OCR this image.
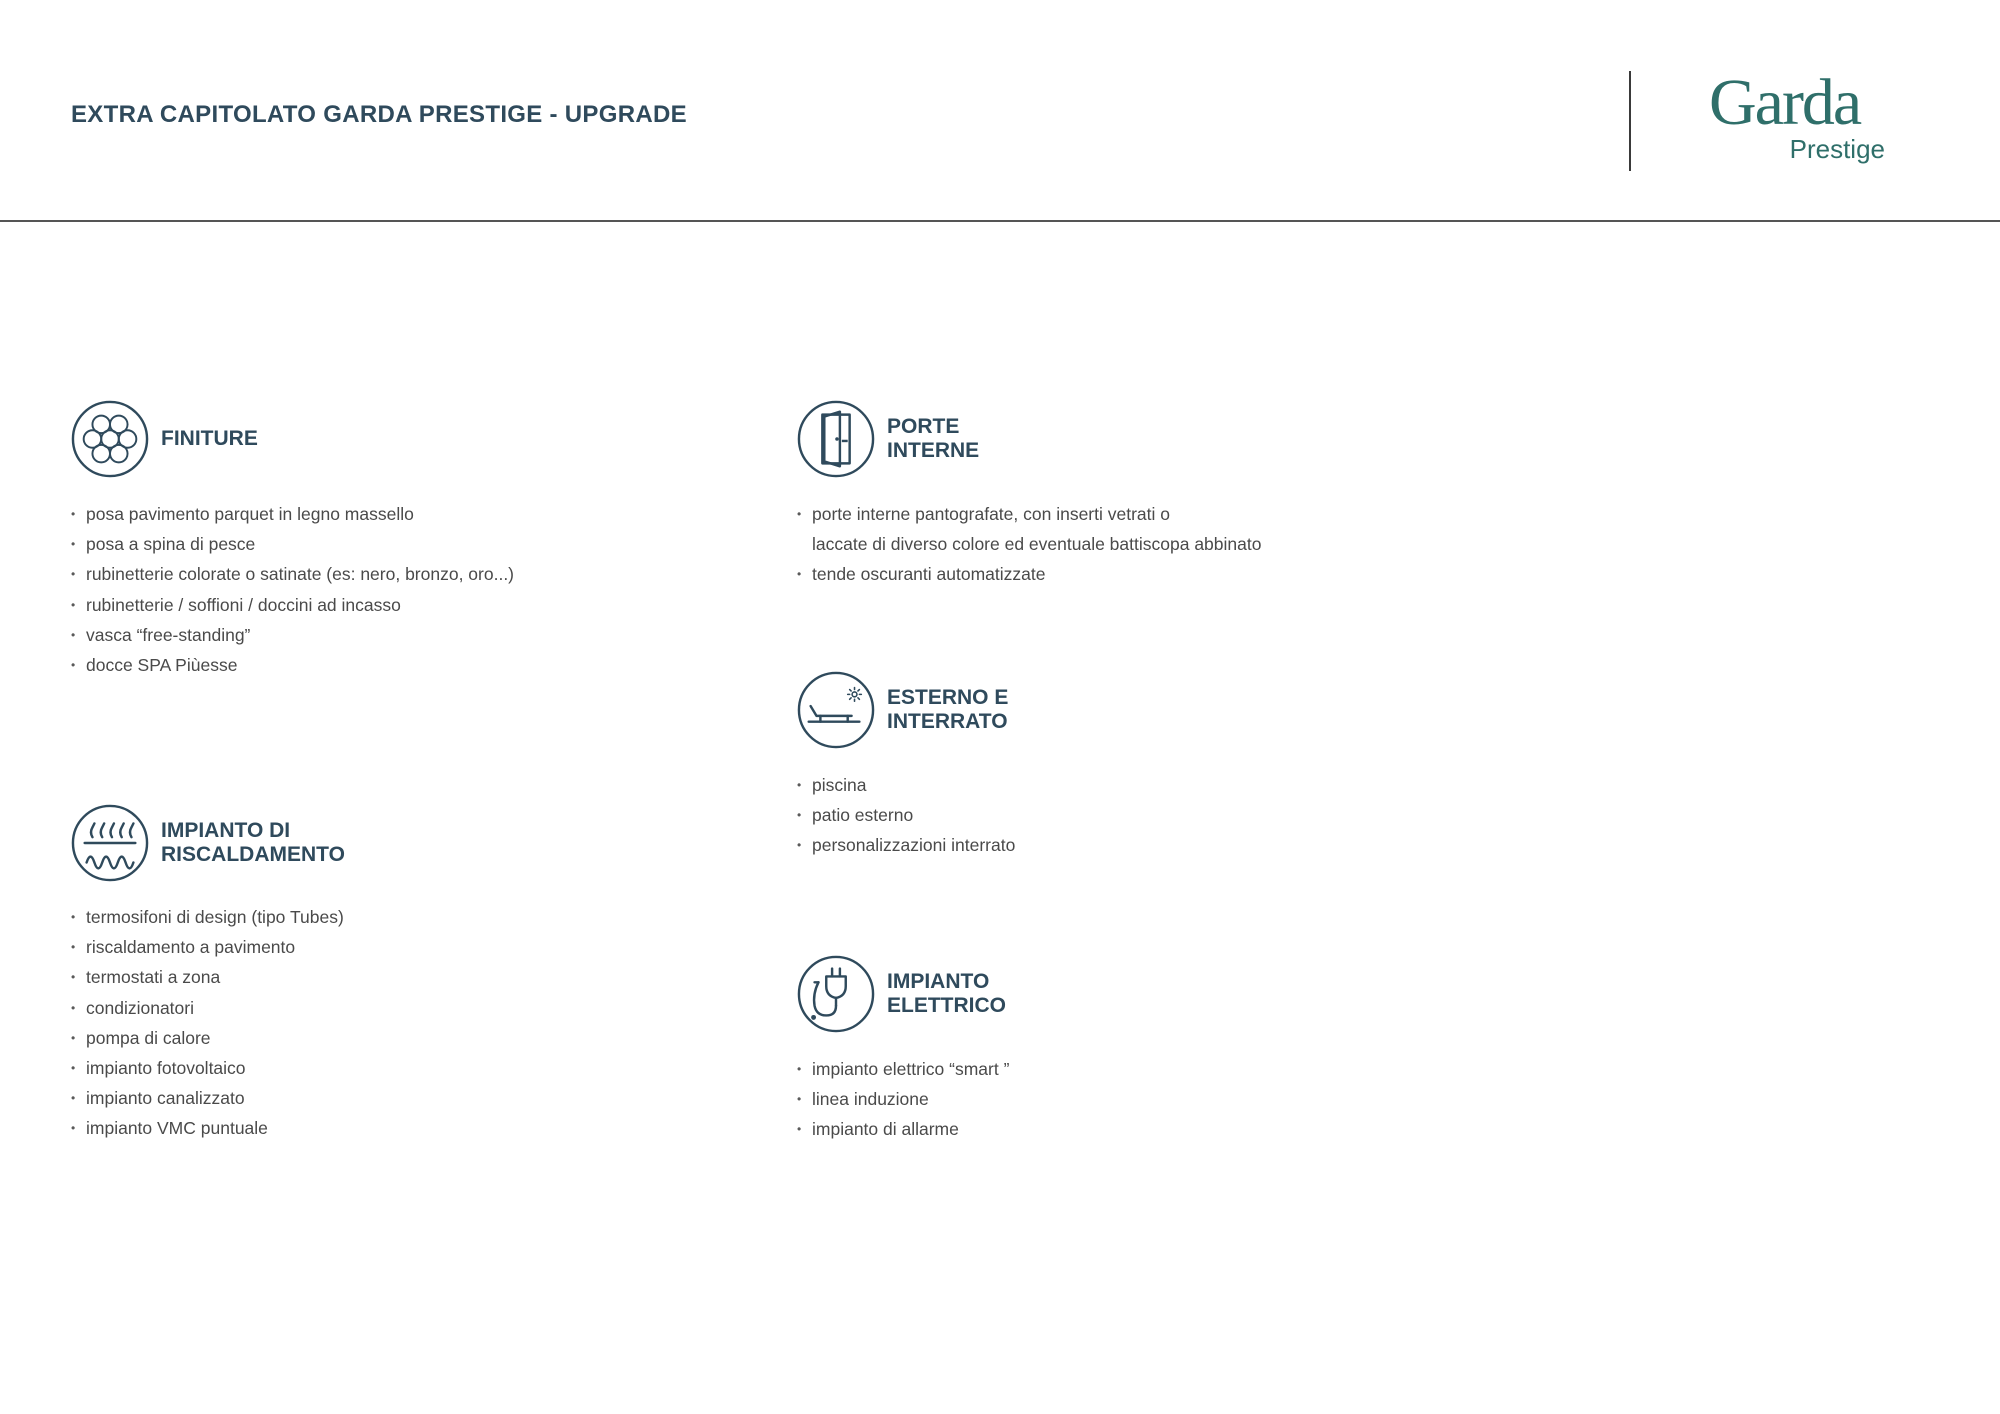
EXTRA CAPITOLATO GARDA PRESTIGE - UPGRADE	Garda
Prestige
FINITURE
• posa pavimento parquet in legno massello
• posa a spina di pesce
• rubinetterie colorate o satinate (es: nero, bronzo, oro...)
• rubinetterie / soffioni / doccini ad incasso
• vasca “free-standing”
• docce SPA Piùesse
IMPIANTO DI
RISCALDAMENTO
• termosifoni di design (tipo Tubes)
• riscaldamento a pavimento
• termostati a zona
• condizionatori
• pompa di calore
• impianto fotovoltaico
• impianto canalizzato
• impianto VMC puntuale
PORTE
INTERNE
• porte interne pantografate, con inserti vetrati o
laccate di diverso colore ed eventuale battiscopa abbinato
• tende oscuranti automatizzate
ESTERNO E
INTERRATO
• piscina
• patio esterno
• personalizzazioni interrato
IMPIANTO
ELETTRICO
• impianto elettrico “smart ”
• linea induzione
• impianto di allarme
